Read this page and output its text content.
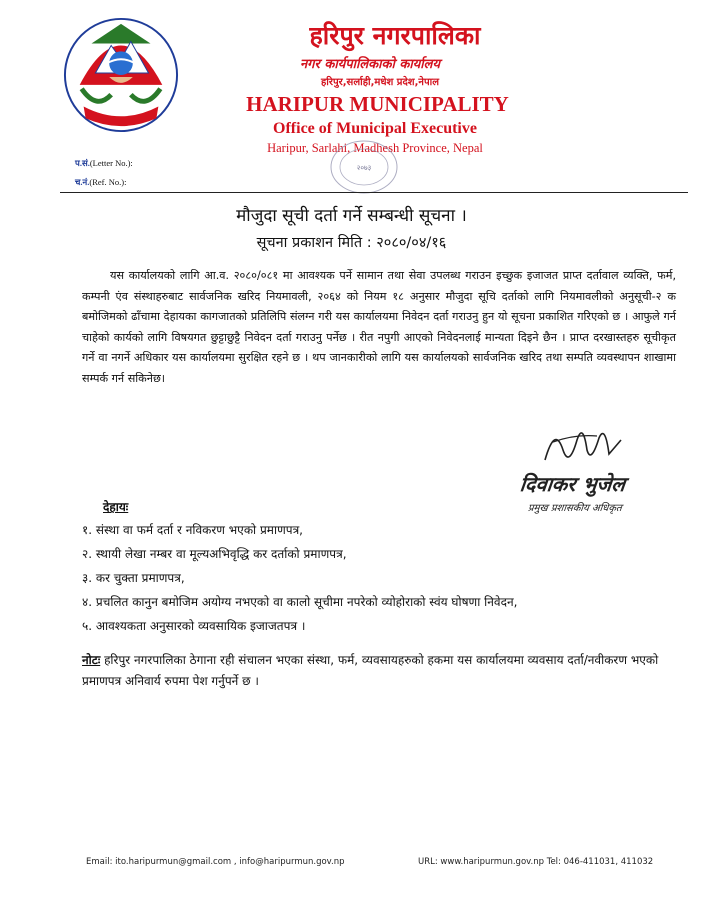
हरिपुर नगरपालिका
नगर कार्यपालिकाको कार्यालय
हरिपुर,सर्लाही,मधेश प्रदेश,नेपाल
HARIPUR MUNICIPALITY
Office of Municipal Executive
Haripur, Sarlahi, Madhesh Province, Nepal
प.सं.(Letter No.):
च.नं.(Ref. No.):
२०७३
मौजुदा सूची दर्ता गर्ने सम्बन्धी सूचना ।
सूचना प्रकाशन मिति : २०८०/०४/१६

यस कार्यालयको लागि आ.व. २०८०/०८१ मा आवश्यक पर्ने सामान तथा सेवा उपलब्ध गराउन इच्छुक इजाजत प्राप्त दर्तावाल व्यक्ति, फर्म, कम्पनी एंव संस्थाहरुबाट सार्वजनिक खरिद नियमावली, २०६४ को नियम १८ अनुसार मौजुदा सूचि दर्ताको लागि नियमावलीको अनुसूची-२ क बमोजिमको ढाँचामा देहायका कागजातको प्रतिलिपि संलग्न गरी यस कार्यालयमा निवेदन दर्ता गराउनु हुन यो सूचना प्रकाशित गरिएको छ । आफुले गर्न चाहेको कार्यको लागि विषयगत छुट्टाछुट्टै निवेदन दर्ता गराउनु पर्नेछ । रीत नपुगी आएको निवेदनलाई मान्यता दिइने छैन । प्राप्त दरखास्तहरु सूचीकृत गर्ने वा नगर्ने अधिकार यस कार्यालयमा सुरक्षित रहने छ । थप जानकारीको लागि यस कार्यालयको सार्वजनिक खरिद तथा सम्पति व्यवस्थापन शाखामा सम्पर्क गर्न सकिनेछ।

दिवाकर भुजेल
प्रमुख प्रशासकीय अधिकृत
देहायः
१. संस्था वा फर्म दर्ता र नविकरण भएको प्रमाणपत्र,
२. स्थायी लेखा नम्बर वा मूल्यअभिवृद्धि कर दर्ताको प्रमाणपत्र,
३. कर चुक्ता प्रमाणपत्र,
४. प्रचलित कानुन बमोजिम अयोग्य नभएको वा कालो सूचीमा नपरेको व्योहोराको स्वंय घोषणा निवेदन,
५. आवश्यकता अनुसारको व्यवसायिक इजाजतपत्र ।
नोटः हरिपुर नगरपालिका ठेगाना रही संचालन भएका संस्था, फर्म, व्यवसायहरुको हकमा यस कार्यालयमा व्यवसाय दर्ता/नवीकरण भएको प्रमाणपत्र अनिवार्य रुपमा पेश गर्नुपर्ने छ ।
Email: ito.haripurmun@gmail.com , info@haripurmun.gov.np	URL: www.haripurmun.gov.np Tel: 046-411031, 411032
